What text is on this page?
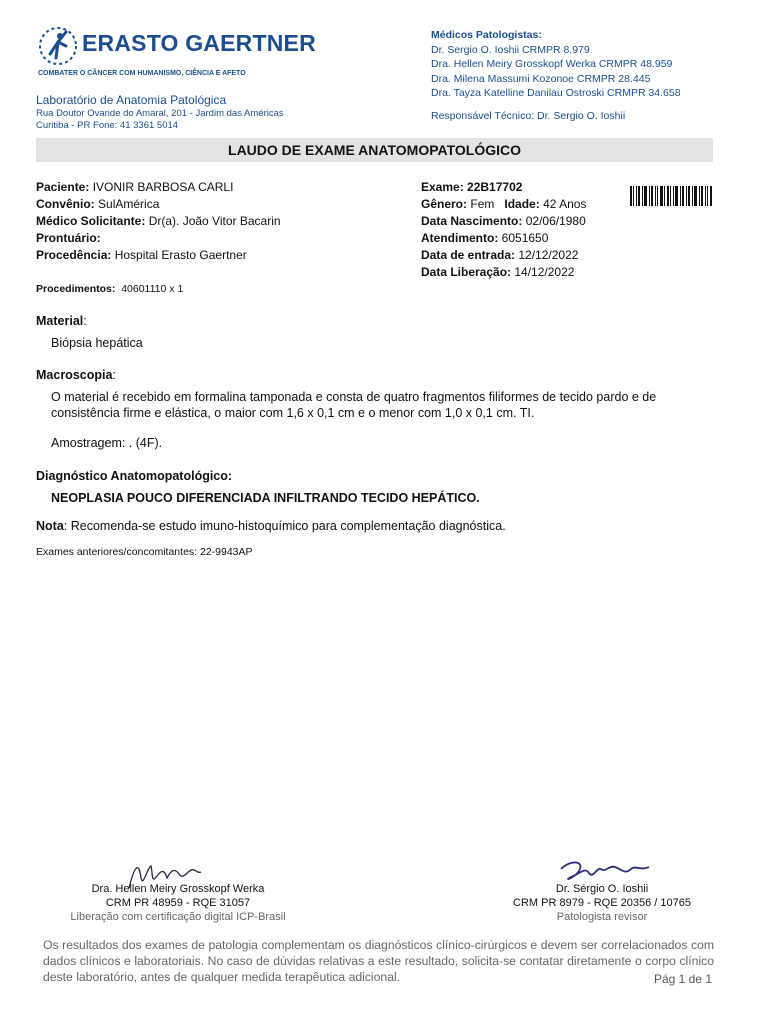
ERASTO GAERTNER
COMBATER O CÂNCER COM HUMANISMO, CIÊNCIA E AFETO
Laboratório de Anatomia Patológica
Rua Doutor Ovande do Amaral, 201 - Jardim das Américas
Curitiba - PR Fone: 41 3361 5014
Médicos Patologistas:
Dr. Sergio O. Ioshii CRMPR 8.979
Dra. Hellen Meiry Grosskopf Werka CRMPR 48.959
Dra. Milena Massumi Kozonoe CRMPR 28.445
Dra. Tayza Katelline Danilau Ostroski CRMPR 34.658
Responsável Técnico: Dr. Sergio O. Ioshii
LAUDO DE EXAME ANATOMOPATOLÓGICO
Paciente: IVONIR BARBOSA CARLI
Convênio: SulAmérica
Médico Solicitante: Dr(a). João Vitor Bacarin
Prontuário:
Procedência: Hospital Erasto Gaertner
Exame: 22B17702
Gênero: Fem Idade: 42 Anos
Data Nascimento: 02/06/1980
Atendimento: 6051650
Data de entrada: 12/12/2022
Data Liberação: 14/12/2022
Procedimentos: 40601110 x 1
Material:
Biópsia hepática
Macroscopia:
O material é recebido em formalina tamponada e consta de quatro fragmentos filiformes de tecido pardo e de consistência firme e elástica, o maior com 1,6 x 0,1 cm e o menor com 1,0 x 0,1 cm. TI.
Amostragem: . (4F).
Diagnóstico Anatomopatológico:
NEOPLASIA POUCO DIFERENCIADA INFILTRANDO TECIDO HEPÁTICO.
Nota: Recomenda-se estudo imuno-histoquímico para complementação diagnóstica.
Exames anteriores/concomitantes: 22-9943AP
Dra. Hellen Meiry Grosskopf Werka
CRM PR 48959 - RQE 31057
Liberação com certificação digital ICP-Brasil
Dr. Sérgio O. Ioshii
CRM PR 8979 - RQE 20356 / 10765
Patologista revisor
Os resultados dos exames de patologia complementam os diagnósticos clínico-cirúrgicos e devem ser correlacionados com dados clínicos e laboratoriais. No caso de dúvidas relativas a este resultado, solicita-se contatar diretamente o corpo clínico deste laboratório, antes de qualquer medida terapêutica adicional.	Pág 1 de 1
